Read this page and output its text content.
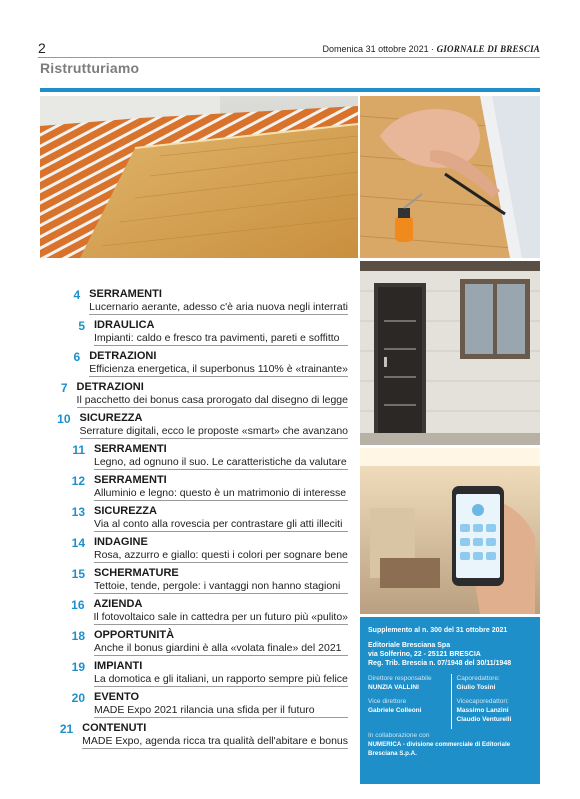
2	Domenica 31 ottobre 2021 · GIORNALE DI BRESCIA
Ristrutturiamo
4 SERRAMENTI
Lucernario aerante, adesso c'è aria nuova negli interrati
5 IDRAULICA
Impianti: caldo e fresco tra pavimenti, pareti e soffitto
6 DETRAZIONI
Efficienza energetica, il superbonus 110% è «trainante»
7 DETRAZIONI
Il pacchetto dei bonus casa prorogato dal disegno di legge
10 SICUREZZA
Serrature digitali, ecco le proposte «smart» che avanzano
11 SERRAMENTI
Legno, ad ognuno il suo. Le caratteristiche da valutare
12 SERRAMENTI
Alluminio e legno: questo è un matrimonio di interesse
13 SICUREZZA
Via al conto alla rovescia per contrastare gli atti illeciti
14 INDAGINE
Rosa, azzurro e giallo: questi i colori per sognare bene
15 SCHERMATURE
Tettoie, tende, pergole: i vantaggi non hanno stagioni
16 AZIENDA
Il fotovoltaico sale in cattedra per un futuro più «pulito»
18 OPPORTUNITÀ
Anche il bonus giardini è alla «volata finale» del 2021
19 IMPIANTI
La domotica e gli italiani, un rapporto sempre più felice
20 EVENTO
MADE Expo 2021 rilancia una sfida per il futuro
21 CONTENUTI
MADE Expo, agenda ricca tra qualità dell'abitare e bonus
Supplemento al n. 300 del 31 ottobre 2021
Editoriale Bresciana Spa
via Solferino, 22 - 25121 BRESCIA
Reg. Trib. Brescia n. 07/1948 del 30/11/1948
Direttore responsabile
NUNZIA VALLINI
Vice direttore
Gabriele Colleoni
Caporedattore:
Giulio Tosini
Vicecaporedattori:
Massimo Lanzini
Claudio Venturelli
In collaborazione con
NUMERICA - divisione commerciale di Editoriale Bresciana S.p.A.
